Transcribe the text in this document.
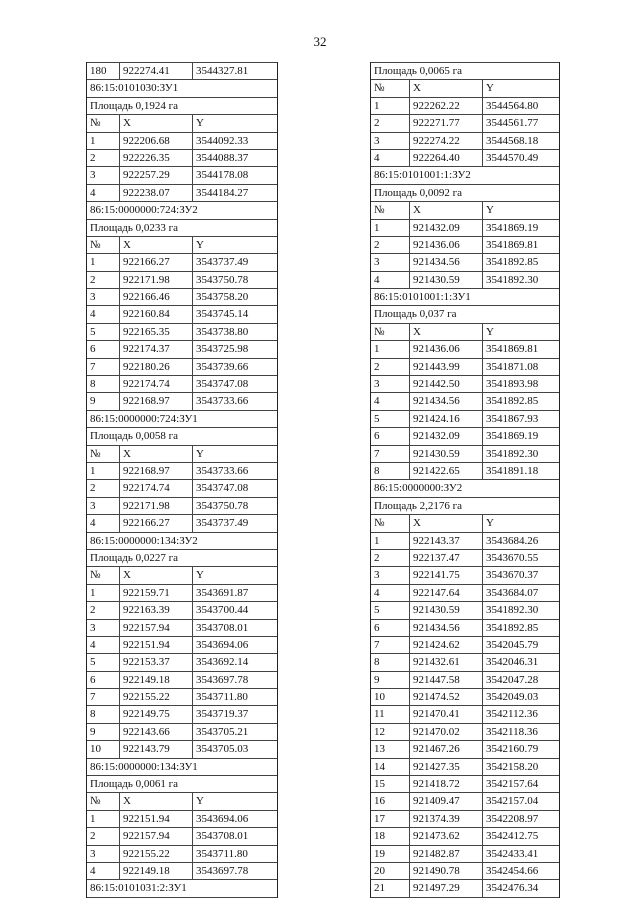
32
180	922274.41	3544327.81
86:15:0101030:ЗУ1
Площадь 0,1924 га
№	X	Y
1	922206.68	3544092.33
2	922226.35	3544088.37
3	922257.29	3544178.08
4	922238.07	3544184.27
86:15:0000000:724:ЗУ2
Площадь 0,0233 га
№	X	Y
1	922166.27	3543737.49
2	922171.98	3543750.78
3	922166.46	3543758.20
4	922160.84	3543745.14
5	922165.35	3543738.80
6	922174.37	3543725.98
7	922180.26	3543739.66
8	922174.74	3543747.08
9	922168.97	3543733.66
86:15:0000000:724:ЗУ1
Площадь 0,0058 га
№	X	Y
1	922168.97	3543733.66
2	922174.74	3543747.08
3	922171.98	3543750.78
4	922166.27	3543737.49
86:15:0000000:134:ЗУ2
Площадь 0,0227 га
№	X	Y
1	922159.71	3543691.87
2	922163.39	3543700.44
3	922157.94	3543708.01
4	922151.94	3543694.06
5	922153.37	3543692.14
6	922149.18	3543697.78
7	922155.22	3543711.80
8	922149.75	3543719.37
9	922143.66	3543705.21
10	922143.79	3543705.03
86:15:0000000:134:ЗУ1
Площадь 0,0061 га
№	X	Y
1	922151.94	3543694.06
2	922157.94	3543708.01
3	922155.22	3543711.80
4	922149.18	3543697.78
86:15:0101031:2:ЗУ1
Площадь 0,0065 га
№	X	Y
1	922262.22	3544564.80
2	922271.77	3544561.77
3	922274.22	3544568.18
4	922264.40	3544570.49
86:15:0101001:1:ЗУ2
Площадь 0,0092 га
№	X	Y
1	921432.09	3541869.19
2	921436.06	3541869.81
3	921434.56	3541892.85
4	921430.59	3541892.30
86:15:0101001:1:ЗУ1
Площадь 0,037 га
№	X	Y
1	921436.06	3541869.81
2	921443.99	3541871.08
3	921442.50	3541893.98
4	921434.56	3541892.85
5	921424.16	3541867.93
6	921432.09	3541869.19
7	921430.59	3541892.30
8	921422.65	3541891.18
86:15:0000000:ЗУ2
Площадь 2,2176 га
№	X	Y
1	922143.37	3543684.26
2	922137.47	3543670.55
3	922141.75	3543670.37
4	922147.64	3543684.07
5	921430.59	3541892.30
6	921434.56	3541892.85
7	921424.62	3542045.79
8	921432.61	3542046.31
9	921447.58	3542047.28
10	921474.52	3542049.03
11	921470.41	3542112.36
12	921470.02	3542118.36
13	921467.26	3542160.79
14	921427.35	3542158.20
15	921418.72	3542157.64
16	921409.47	3542157.04
17	921374.39	3542208.97
18	921473.62	3542412.75
19	921482.87	3542433.41
20	921490.78	3542454.66
21	921497.29	3542476.34
